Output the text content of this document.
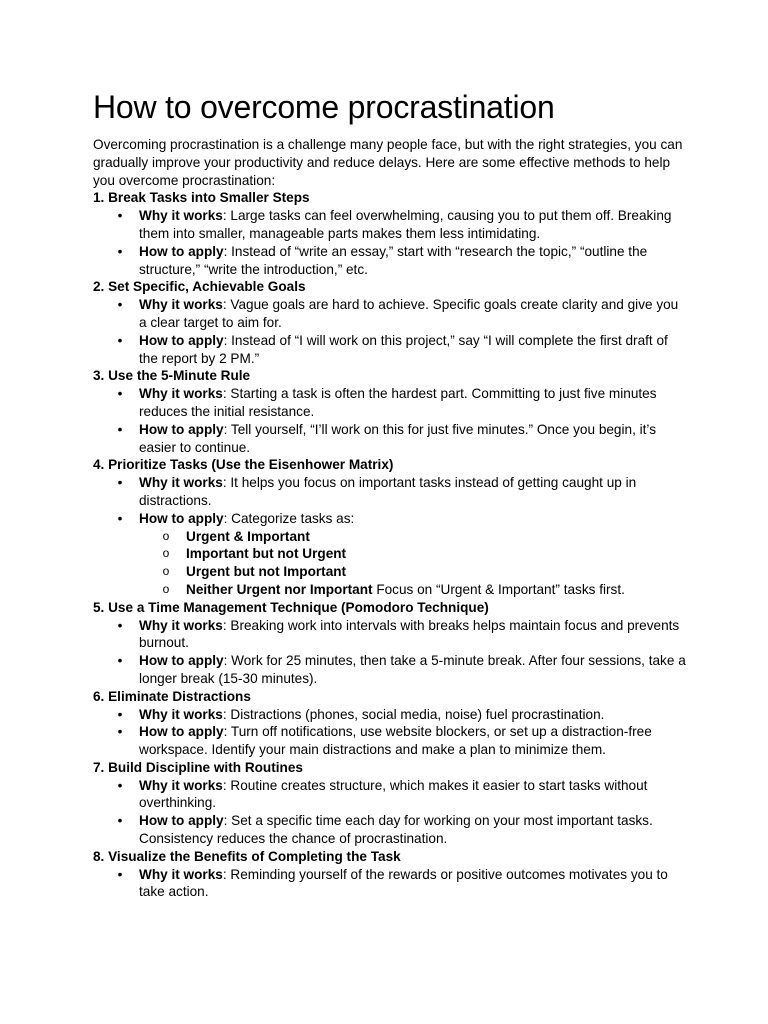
How to overcome procrastination

Overcoming procrastination is a challenge many people face, but with the right strategies, you can gradually improve your productivity and reduce delays. Here are some effective methods to help you overcome procrastination:

1. Break Tasks into Smaller Steps
• Why it works: Large tasks can feel overwhelming, causing you to put them off. Breaking them into smaller, manageable parts makes them less intimidating.
• How to apply: Instead of “write an essay,” start with “research the topic,” “outline the structure,” “write the introduction,” etc.
2. Set Specific, Achievable Goals
• Why it works: Vague goals are hard to achieve. Specific goals create clarity and give you a clear target to aim for.
• How to apply: Instead of “I will work on this project,” say “I will complete the first draft of the report by 2 PM.”
3. Use the 5-Minute Rule
• Why it works: Starting a task is often the hardest part. Committing to just five minutes reduces the initial resistance.
• How to apply: Tell yourself, “I’ll work on this for just five minutes.” Once you begin, it’s easier to continue.
4. Prioritize Tasks (Use the Eisenhower Matrix)
• Why it works: It helps you focus on important tasks instead of getting caught up in distractions.
• How to apply: Categorize tasks as:
o Urgent & Important
o Important but not Urgent
o Urgent but not Important
o Neither Urgent nor Important Focus on “Urgent & Important” tasks first.
5. Use a Time Management Technique (Pomodoro Technique)
• Why it works: Breaking work into intervals with breaks helps maintain focus and prevents burnout.
• How to apply: Work for 25 minutes, then take a 5-minute break. After four sessions, take a longer break (15-30 minutes).
6. Eliminate Distractions
• Why it works: Distractions (phones, social media, noise) fuel procrastination.
• How to apply: Turn off notifications, use website blockers, or set up a distraction-free workspace. Identify your main distractions and make a plan to minimize them.
7. Build Discipline with Routines
• Why it works: Routine creates structure, which makes it easier to start tasks without overthinking.
• How to apply: Set a specific time each day for working on your most important tasks. Consistency reduces the chance of procrastination.
8. Visualize the Benefits of Completing the Task
• Why it works: Reminding yourself of the rewards or positive outcomes motivates you to take action.
